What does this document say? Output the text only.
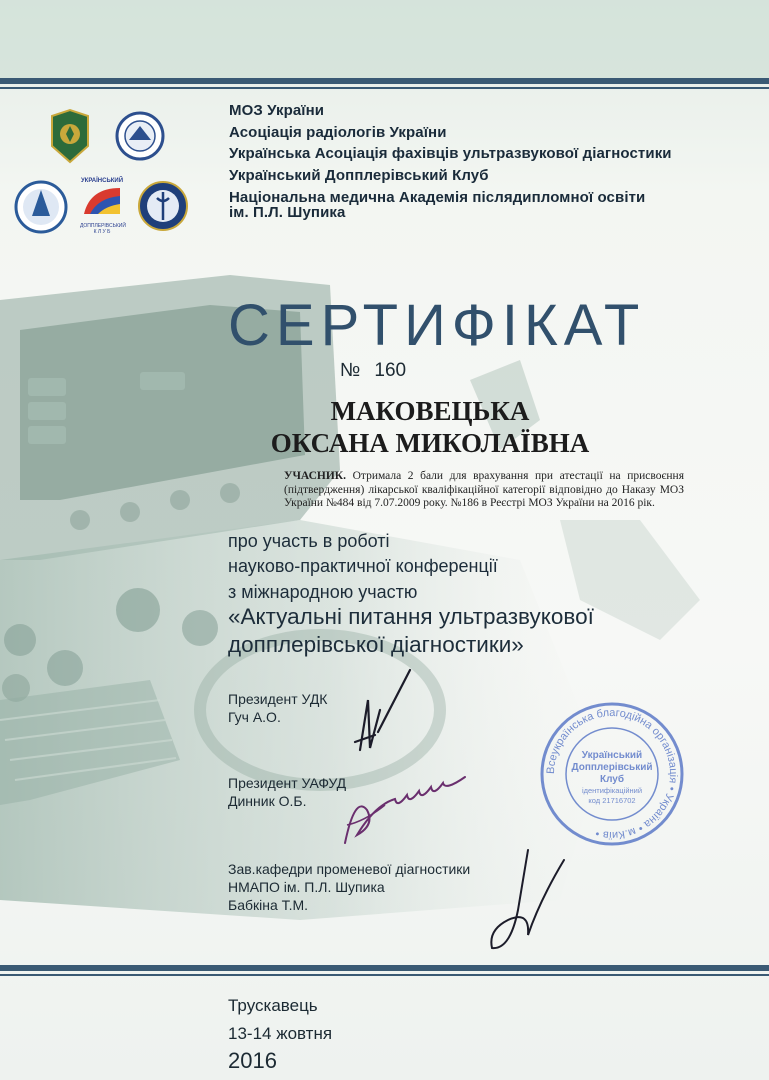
УКРАЇНСЬКИЙ
ДОППЛЕРІВСЬКИЙ
К Л У Б
МОЗ України
Асоціація радіологів України
Українська Асоціація фахівців ультразвукової діагностики
Український Допплерівський Клуб
Національна медична Академія післядипломної освіти
ім. П.Л. Шупика
СЕРТИФІКАТ
№ 160
МАКОВЕЦЬКА
ОКСАНА МИКОЛАЇВНА
УЧАСНИК. Отримала 2 бали для врахування при атестації на присвоєння (підтвердження) лікарської кваліфікаційної категорії відповідно до Наказу МОЗ України №484 від 7.07.2009 року. №186 в Реєстрі МОЗ України на 2016 рік.
про участь в роботі
науково-практичної конференції
з міжнародною участю
«Актуальні питання ультразвукової
допплерівської діагностики»
Президент УДК
Гуч А.О.
Президент УАФУД
Динник О.Б.
Зав.кафедри променевої діагностики
НМАПО ім. П.Л. Шупика
Бабкіна Т.М.
Всеукраїнська благодійна організація • Україна • м.Київ •
Український
Допплерівський
Клуб
ідентифікаційний
код 21716702
Трускавець
13-14 жовтня
2016
